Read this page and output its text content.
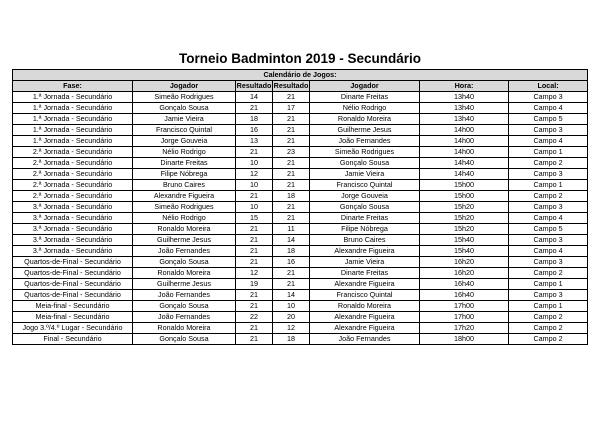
Torneio Badminton 2019 - Secundário
Calendário de Jogos:						
Fase:	Jogador	Resultado	Resultado	Jogador	Hora:	Local:
1.ª Jornada - Secundário	Simeão Rodrigues	14	21	Dinarte Freitas	13h40	Campo 3
1.ª Jornada - Secundário	Gonçalo Sousa	21	17	Nélio Rodrigo	13h40	Campo 4
1.ª Jornada - Secundário	Jamie Vieira	18	21	Ronaldo Moreira	13h40	Campo 5
1.ª Jornada - Secundário	Francisco Quintal	16	21	Guilherme Jesus	14h00	Campo 3
1.ª Jornada - Secundário	Jorge Gouveia	13	21	João Fernandes	14h00	Campo 4
2.ª Jornada - Secundário	Nélio Rodrigo	21	23	Simeão Rodrigues	14h00	Campo 1
2.ª Jornada - Secundário	Dinarte Freitas	10	21	Gonçalo Sousa	14h40	Campo 2
2.ª Jornada - Secundário	Filipe Nóbrega	12	21	Jamie Vieira	14h40	Campo 3
2.ª Jornada - Secundário	Bruno Caires	10	21	Francisco Quintal	15h00	Campo 1
2.ª Jornada - Secundário	Alexandre Figueira	21	18	Jorge Gouveia	15h00	Campo 2
3.ª Jornada - Secundário	Simeão Rodrigues	10	21	Gonçalo Sousa	15h20	Campo 3
3.ª Jornada - Secundário	Nélio Rodrigo	15	21	Dinarte Freitas	15h20	Campo 4
3.ª Jornada - Secundário	Ronaldo Moreira	21	11	Filipe Nóbrega	15h20	Campo 5
3.ª Jornada - Secundário	Guilherme Jesus	21	14	Bruno Caires	15h40	Campo 3
3.ª Jornada - Secundário	João Fernandes	21	18	Alexandre Figueira	15h40	Campo 4
Quartos-de-Final - Secundário	Gonçalo Sousa	21	16	Jamie Vieira	16h20	Campo 3
Quartos-de-Final - Secundário	Ronaldo Moreira	12	21	Dinarte Freitas	16h20	Campo 2
Quartos-de-Final - Secundário	Guilherme Jesus	19	21	Alexandre Figueira	16h40	Campo 1
Quartos-de-Final - Secundário	João Fernandes	21	14	Francisco Quintal	16h40	Campo 3
Meia-final - Secundário	Gonçalo Sousa	21	10	Ronaldo Moreira	17h00	Campo 1
Meia-final - Secundário	João Fernandes	22	20	Alexandre Figueira	17h00	Campo 2
Jogo 3.º/4.º Lugar - Secundário	Ronaldo Moreira	21	12	Alexandre Figueira	17h20	Campo 2
Final - Secundário	Gonçalo Sousa	21	18	João Fernandes	18h00	Campo 2
